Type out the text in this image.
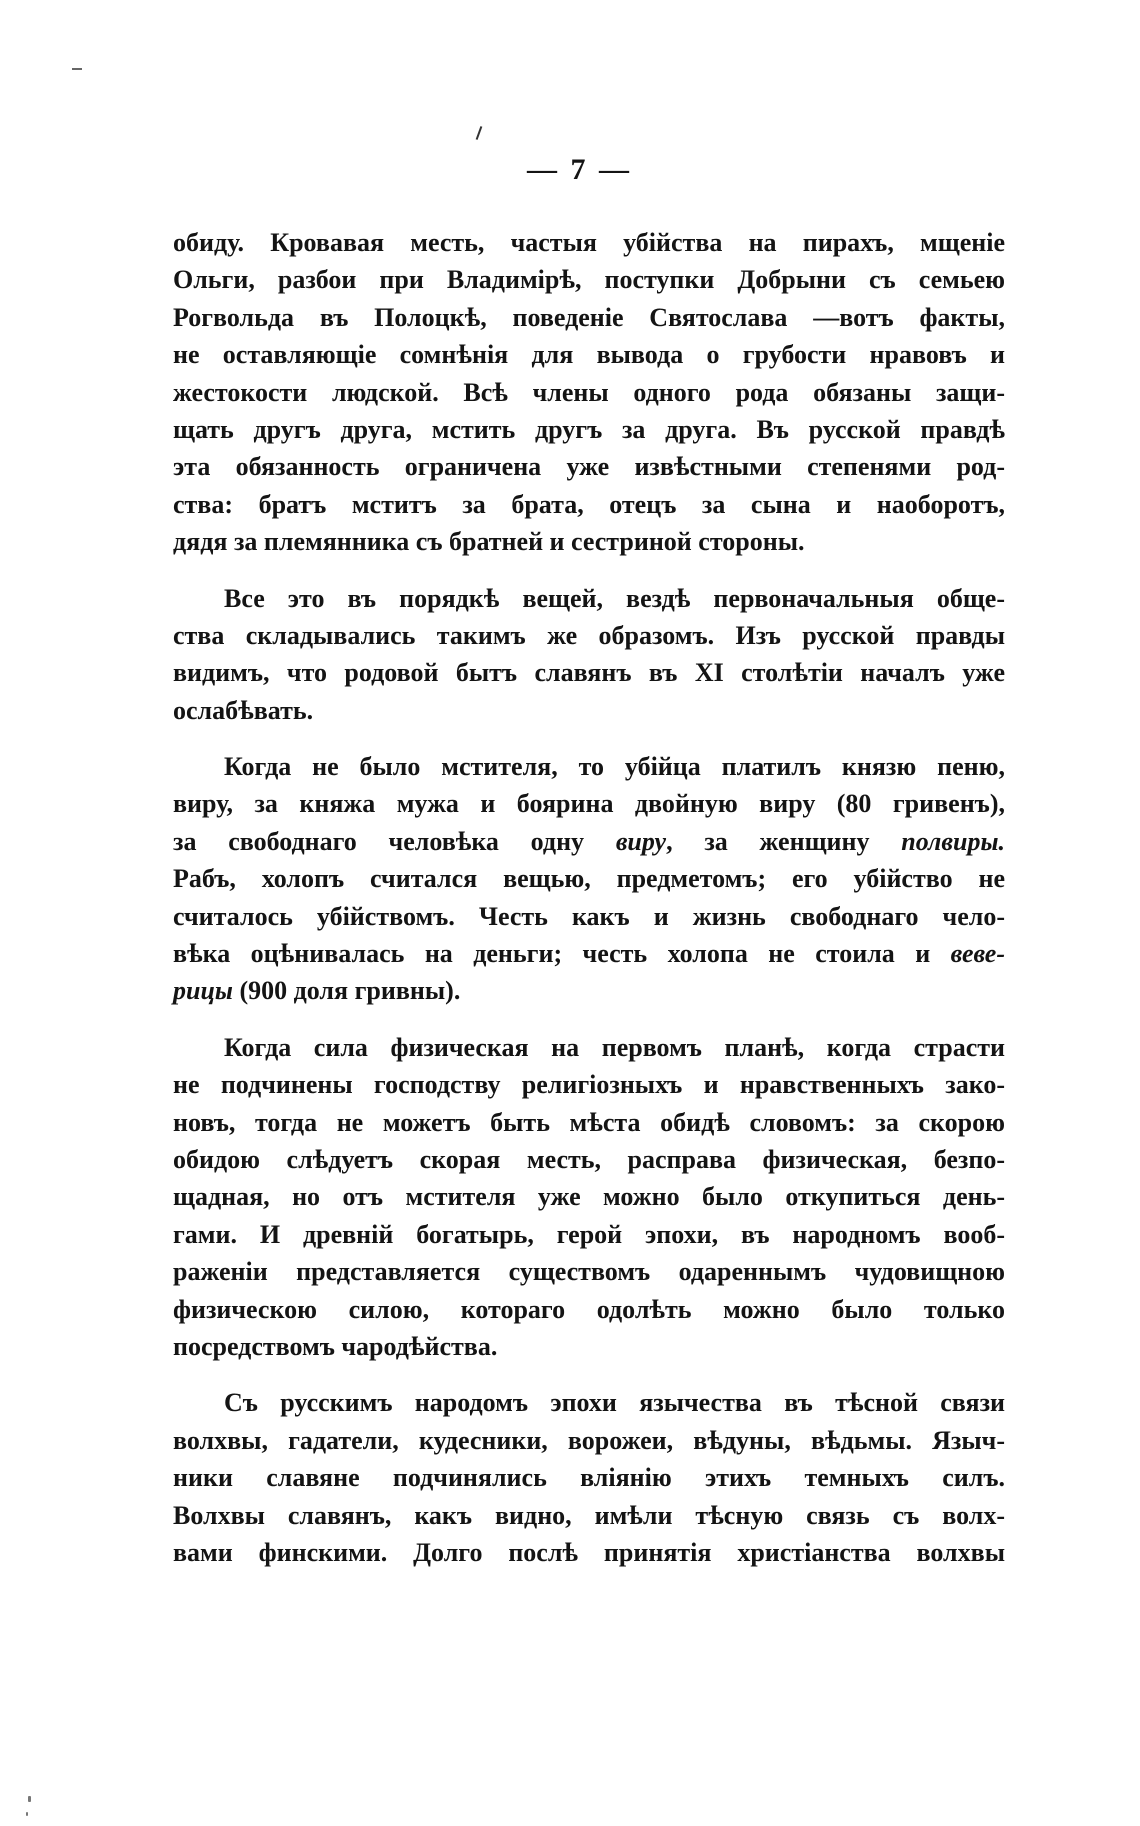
— 7 —
обиду. Кровавая месть, частыя убійства на пирахъ, мщеніе
Ольги, разбои при Владимірѣ, поступки Добрыни съ семьею
Рогвольда въ Полоцкѣ, поведеніе Святослава —вотъ факты,
не оставляющіе сомнѣнія для вывода о грубости нравовъ и
жестокости людской. Всѣ члены одного рода обязаны защи-
щать другъ друга, мстить другъ за друга. Въ русской правдѣ
эта обязанность ограничена уже извѣстными степенями род-
ства: братъ мститъ за брата, отецъ за сына и наоборотъ,
дядя за племянника съ братней и сестриной стороны.
Все это въ порядкѣ вещей, вездѣ первоначальныя обще-
ства складывались такимъ же образомъ. Изъ русской правды
видимъ, что родовой бытъ славянъ въ XI столѣтіи началъ уже
ослабѣвать.
Когда не было мстителя, то убійца платилъ князю пеню,
виру, за княжа мужа и боярина двойную виру (80 гривенъ),
за свободнаго человѣка одну виру, за женщину полвиры.
Рабъ, холопъ считался вещью, предметомъ; его убійство не
считалось убійствомъ. Честь какъ и жизнь свободнаго чело-
вѣка оцѣнивалась на деньги; честь холопа не стоила и веве-
рицы (900 доля гривны).
Когда сила физическая на первомъ планѣ, когда страсти
не подчинены господству религіозныхъ и нравственныхъ зако-
новъ, тогда не можетъ быть мѣста обидѣ словомъ: за скорою
обидою слѣдуетъ скорая месть, расправа физическая, безпо-
щадная, но отъ мстителя уже можно было откупиться день-
гами. И древній богатырь, герой эпохи, въ народномъ вооб-
раженіи представляется существомъ одареннымъ чудовищною
физическою силою, котораго одолѣть можно было только
посредствомъ чародѣйства.
Съ русскимъ народомъ эпохи язычества въ тѣсной связи
волхвы, гадатели, кудесники, ворожеи, вѣдуны, вѣдьмы. Языч-
ники славяне подчинялись вліянію этихъ темныхъ силъ.
Волхвы славянъ, какъ видно, имѣли тѣсную связь съ волх-
вами финскими. Долго послѣ принятія христіанства волхвы
